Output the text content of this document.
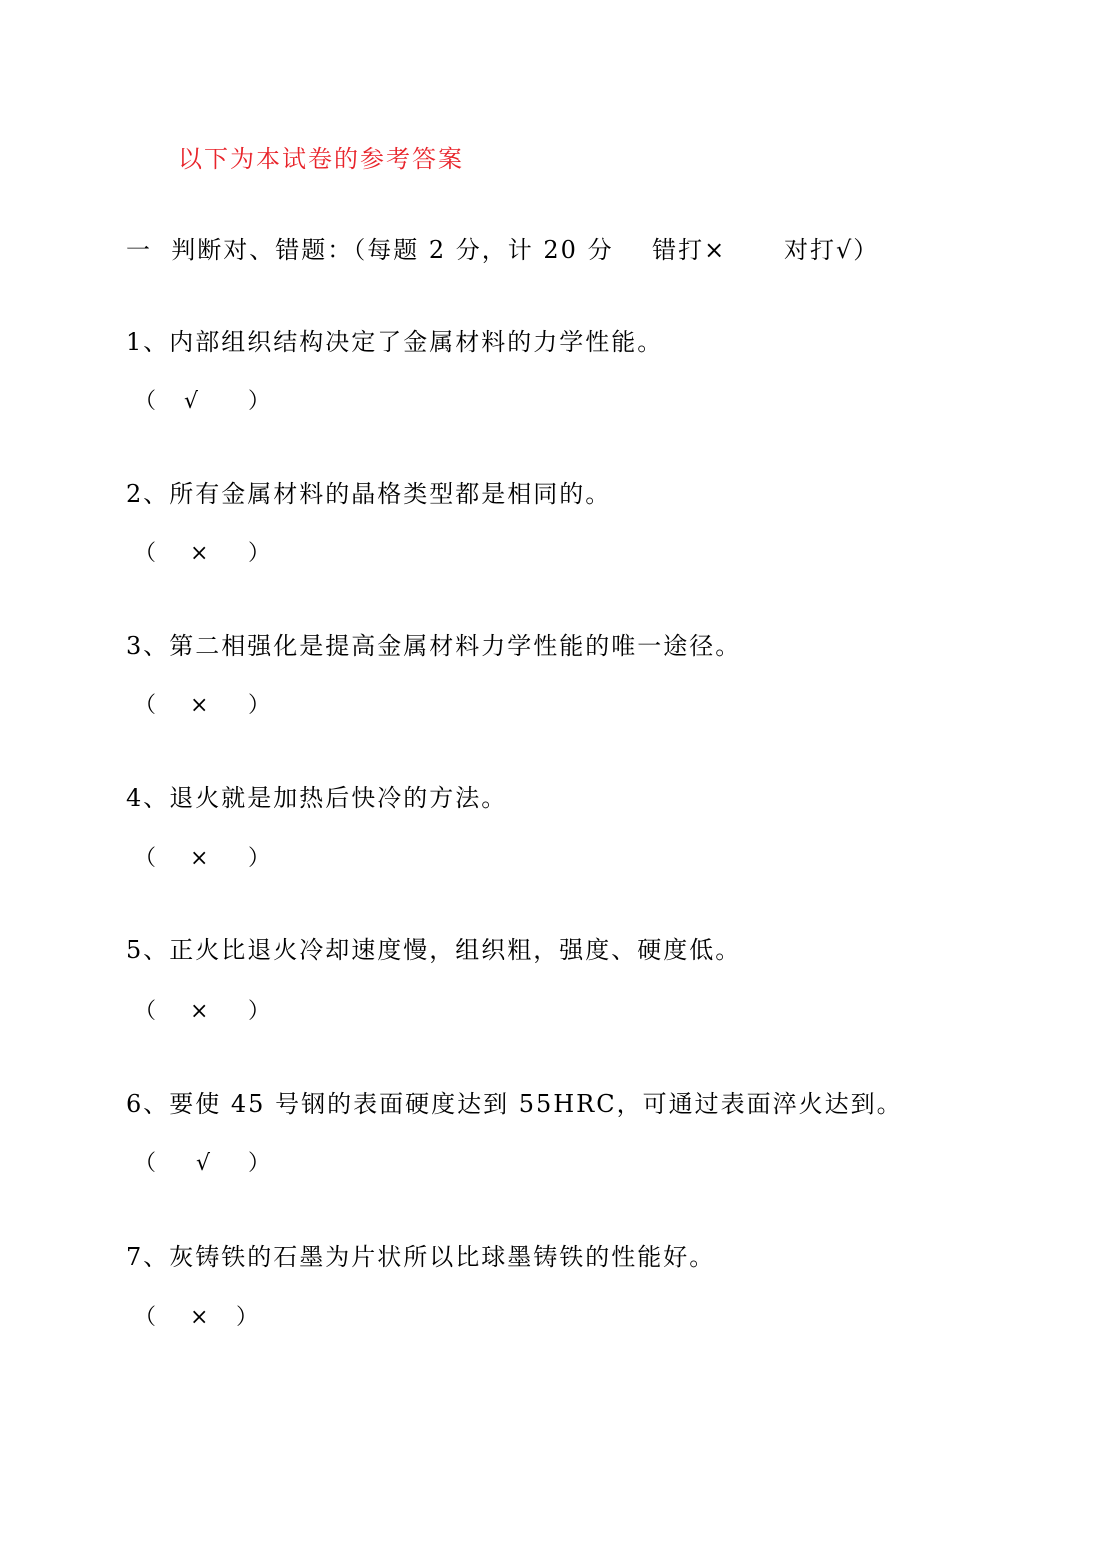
以下为本试卷的参考答案
一  判断对、错题：（每题 2 分，计 20 分    错打×      对打√）
1、内部组织结构决定了金属材料的力学性能。
（ √ ）
2、所有金属材料的晶格类型都是相同的。
（ × ）
3、第二相强化是提高金属材料力学性能的唯一途径。
（ × ）
4、退火就是加热后快冷的方法。
（ × ）
5、正火比退火冷却速度慢，组织粗，强度、硬度低。
（ × ）
6、要使 45 号钢的表面硬度达到 55HRC，可通过表面淬火达到。
（ √ ）
7、灰铸铁的石墨为片状所以比球墨铸铁的性能好。
（ × ）
